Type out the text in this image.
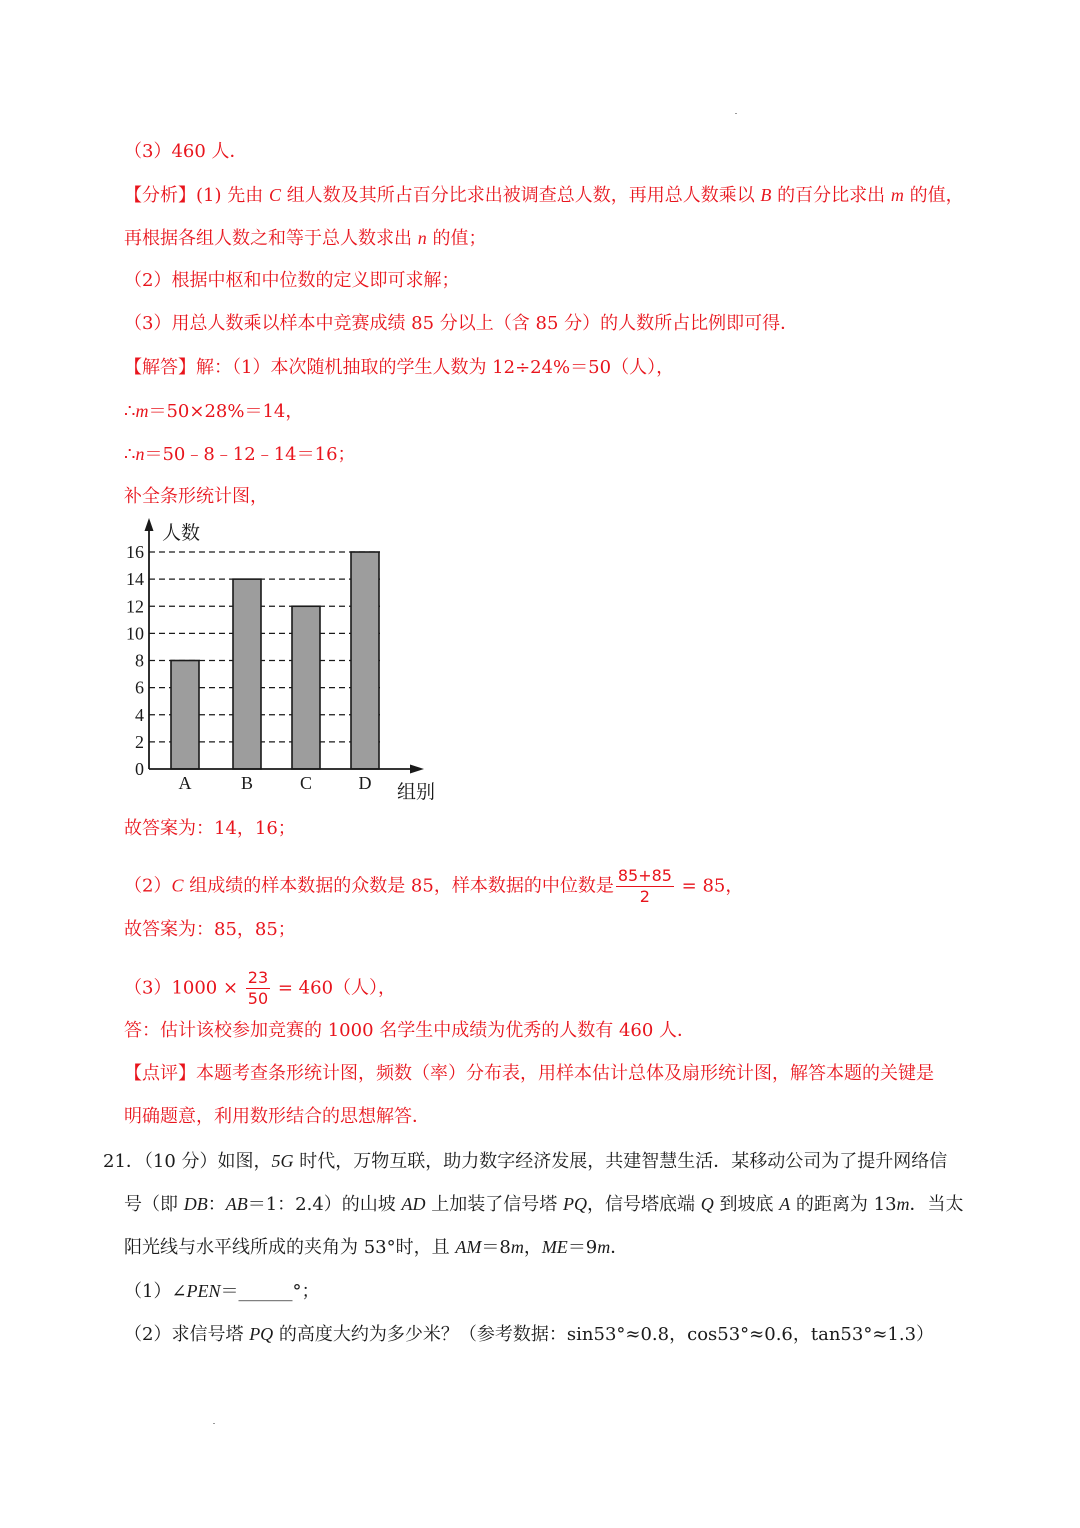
（3）460 人．
【分析】(1) 先由 C 组人数及其所占百分比求出被调查总人数，再用总人数乘以 B 的百分比求出 m 的值，
再根据各组人数之和等于总人数求出 n 的值；
（2）根据中枢和中位数的定义即可求解；
（3）用总人数乘以样本中竞赛成绩 85 分以上（含 85 分）的人数所占比例即可得．
【解答】解：（1）本次随机抽取的学生人数为 12÷24%＝50（人），
∴m＝50×28%＝14，
∴n＝50﹣8﹣12﹣14＝16；
补全条形统计图，
0
2
4
6
8
10
12
14
16
A	B	C	D
人数
组别
故答案为：14，16；
（2）C 组成绩的样本数据的众数是 85，样本数据的中位数是 $\frac{85+85}{2} = 85$，
故答案为：85，85；
$(3)1000 \times \frac{23}{50} = 460$（人），
答：估计该校参加竞赛的 1000 名学生中成绩为优秀的人数有 460 人．
【点评】本题考查条形统计图，频数（率）分布表，用样本估计总体及扇形统计图，解答本题的关键是
明确题意，利用数形结合的思想解答．
21．（10 分）如图，5G 时代，万物互联，助力数字经济发展，共建智慧生活．某移动公司为了提升网络信
号（即 DB：AB＝1：2.4）的山坡 AD 上加装了信号塔 PQ，信号塔底端 Q 到坡底 A 的距离为 13m．当太
阳光线与水平线所成的夹角为 53°时，且 AM＝8m，ME＝9m．
（1）∠PEN＝______°；
（2）求信号塔 PQ 的高度大约为多少米？（参考数据：sin53°≈0.8，cos53°≈0.6，tan53°≈1.3）
